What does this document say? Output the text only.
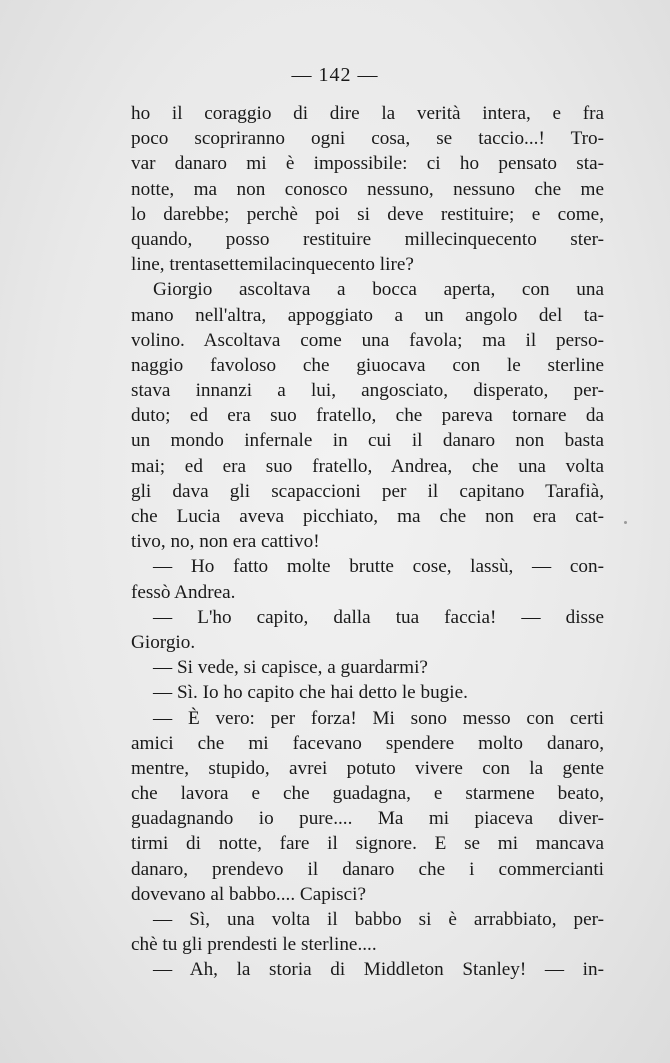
— 142 —
ho il coraggio di dire la verità intera, e fra
poco scopriranno ogni cosa, se taccio...! Tro-
var danaro mi è impossibile: ci ho pensato sta-
notte, ma non conosco nessuno, nessuno che me
lo darebbe; perchè poi si deve restituire; e come,
quando, posso restituire millecinquecento ster-
line, trentasettemilacinquecento lire?
Giorgio ascoltava a bocca aperta, con una
mano nell'altra, appoggiato a un angolo del ta-
volino. Ascoltava come una favola; ma il perso-
naggio favoloso che giuocava con le sterline
stava innanzi a lui, angosciato, disperato, per-
duto; ed era suo fratello, che pareva tornare da
un mondo infernale in cui il danaro non basta
mai; ed era suo fratello, Andrea, che una volta
gli dava gli scapaccioni per il capitano Tarafià,
che Lucia aveva picchiato, ma che non era cat-
tivo, no, non era cattivo!
— Ho fatto molte brutte cose, lassù, — con-
fessò Andrea.
— L'ho capito, dalla tua faccia! — disse
Giorgio.
— Si vede, si capisce, a guardarmi?
— Sì. Io ho capito che hai detto le bugie.
— È vero: per forza! Mi sono messo con certi
amici che mi facevano spendere molto danaro,
mentre, stupido, avrei potuto vivere con la gente
che lavora e che guadagna, e starmene beato,
guadagnando io pure.... Ma mi piaceva diver-
tirmi di notte, fare il signore. E se mi mancava
danaro, prendevo il danaro che i commercianti
dovevano al babbo.... Capisci?
— Sì, una volta il babbo si è arrabbiato, per-
chè tu gli prendesti le sterline....
— Ah, la storia di Middleton Stanley! — in-
